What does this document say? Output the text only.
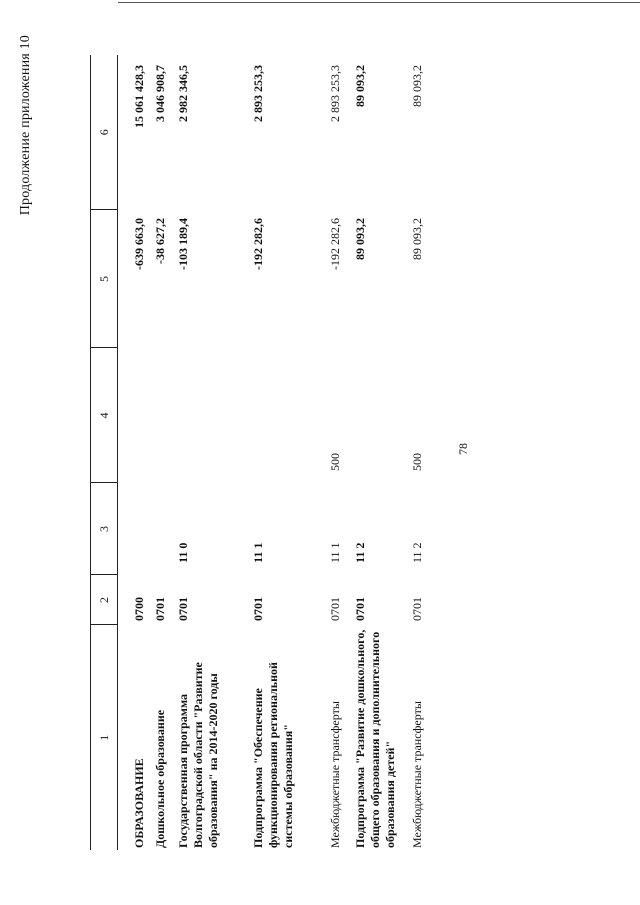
78
Продолжение приложения 10
1	2	3	4	5	6
ОБРАЗОВАНИЕ	0700			-639 663,0	15 061 428,3
Дошкольное образование	0701			-38 627,2	3 046 908,7
Государственная программа Волгоградской области "Развитие образования" на 2014-2020 годы	0701	11 0		-103 189,4	2 982 346,5
Подпрограмма "Обеспечение функционирования региональной системы образования"	0701	11 1		-192 282,6	2 893 253,3
Межбюджетные трансферты	0701	11 1	500	-192 282,6	2 893 253,3
Подпрограмма "Развитие дошкольного, общего образования и дополнительного образования детей"	0701	11 2		89 093,2	89 093,2
Межбюджетные трансферты	0701	11 2	500	89 093,2	89 093,2
